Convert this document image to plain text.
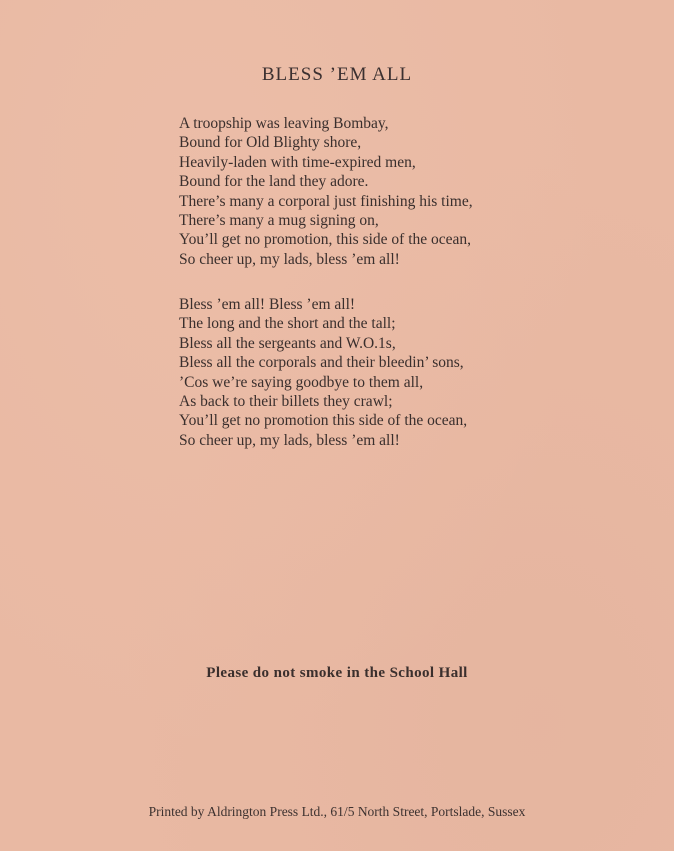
BLESS ’EM ALL
A troopship was leaving Bombay,
Bound for Old Blighty shore,
Heavily-laden with time-expired men,
Bound for the land they adore.
There’s many a corporal just finishing his time,
There’s many a mug signing on,
You’ll get no promotion, this side of the ocean,
So cheer up, my lads, bless ’em all!
Bless ’em all! Bless ’em all!
The long and the short and the tall;
Bless all the sergeants and W.O.1s,
Bless all the corporals and their bleedin’ sons,
’Cos we’re saying goodbye to them all,
As back to their billets they crawl;
You’ll get no promotion this side of the ocean,
So cheer up, my lads, bless ’em all!
Please do not smoke in the School Hall
Printed by Aldrington Press Ltd., 61/5 North Street, Portslade, Sussex
